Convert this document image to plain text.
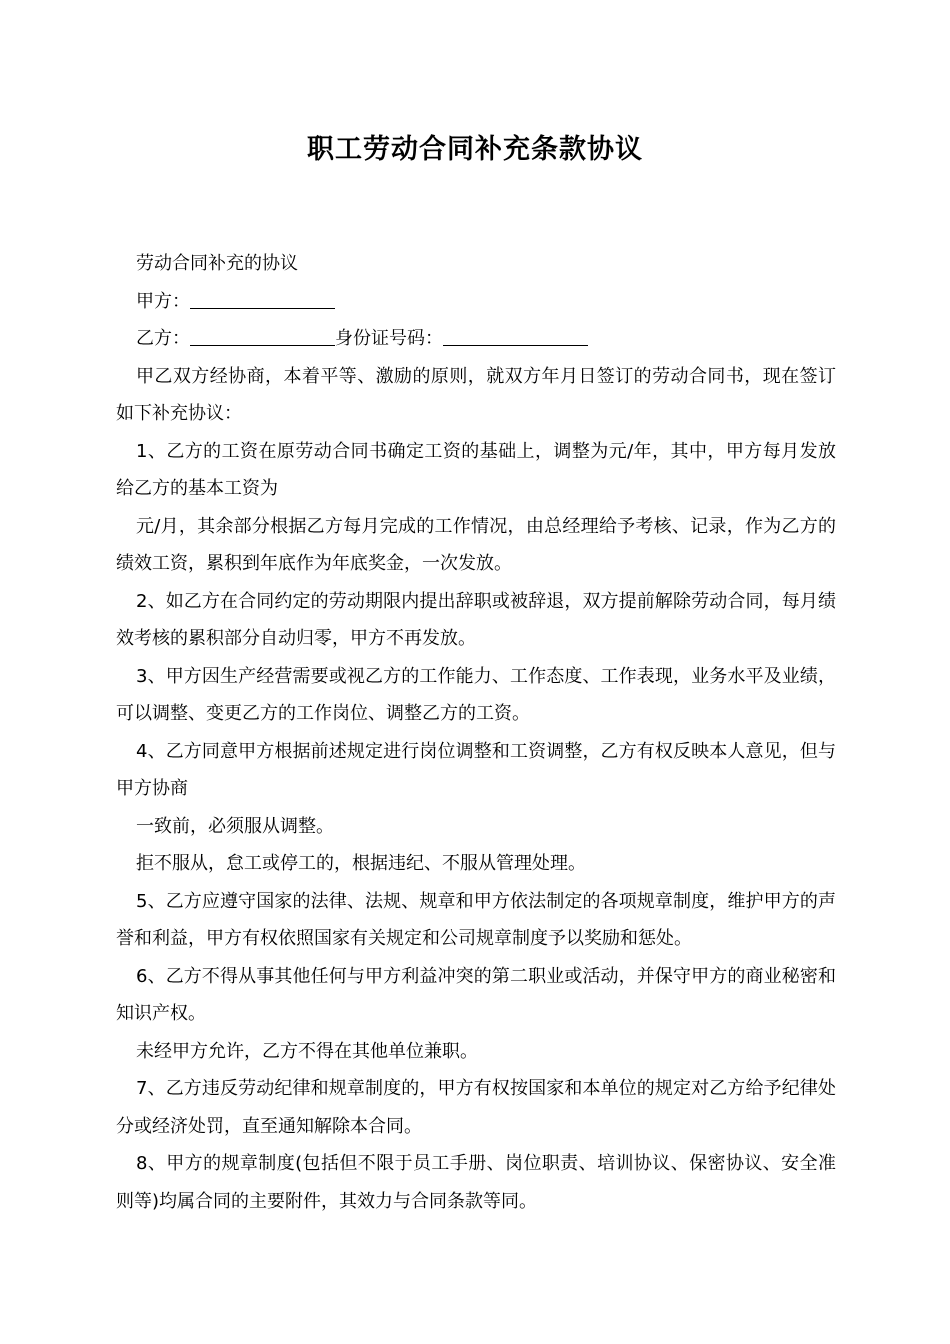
职工劳动合同补充条款协议

劳动合同补充的协议

甲方：

乙方：	身份证号码：

甲乙双方经协商，本着平等、激励的原则，就双方年月日签订的劳动合同书，现在签订如下补充协议：

1、乙方的工资在原劳动合同书确定工资的基础上，调整为元/年，其中，甲方每月发放给乙方的基本工资为

元/月，其余部分根据乙方每月完成的工作情况，由总经理给予考核、记录，作为乙方的绩效工资，累积到年底作为年底奖金，一次发放。

2、如乙方在合同约定的劳动期限内提出辞职或被辞退，双方提前解除劳动合同，每月绩效考核的累积部分自动归零，甲方不再发放。

3、甲方因生产经营需要或视乙方的工作能力、工作态度、工作表现，业务水平及业绩，可以调整、变更乙方的工作岗位、调整乙方的工资。

4、乙方同意甲方根据前述规定进行岗位调整和工资调整，乙方有权反映本人意见，但与甲方协商

一致前，必须服从调整。

拒不服从，怠工或停工的，根据违纪、不服从管理处理。

5、乙方应遵守国家的法律、法规、规章和甲方依法制定的各项规章制度，维护甲方的声誉和利益，甲方有权依照国家有关规定和公司规章制度予以奖励和惩处。

6、乙方不得从事其他任何与甲方利益冲突的第二职业或活动，并保守甲方的商业秘密和知识产权。

未经甲方允许，乙方不得在其他单位兼职。

7、乙方违反劳动纪律和规章制度的，甲方有权按国家和本单位的规定对乙方给予纪律处分或经济处罚，直至通知解除本合同。

8、甲方的规章制度(包括但不限于员工手册、岗位职责、培训协议、保密协议、安全准则等)均属合同的主要附件，其效力与合同条款等同。
